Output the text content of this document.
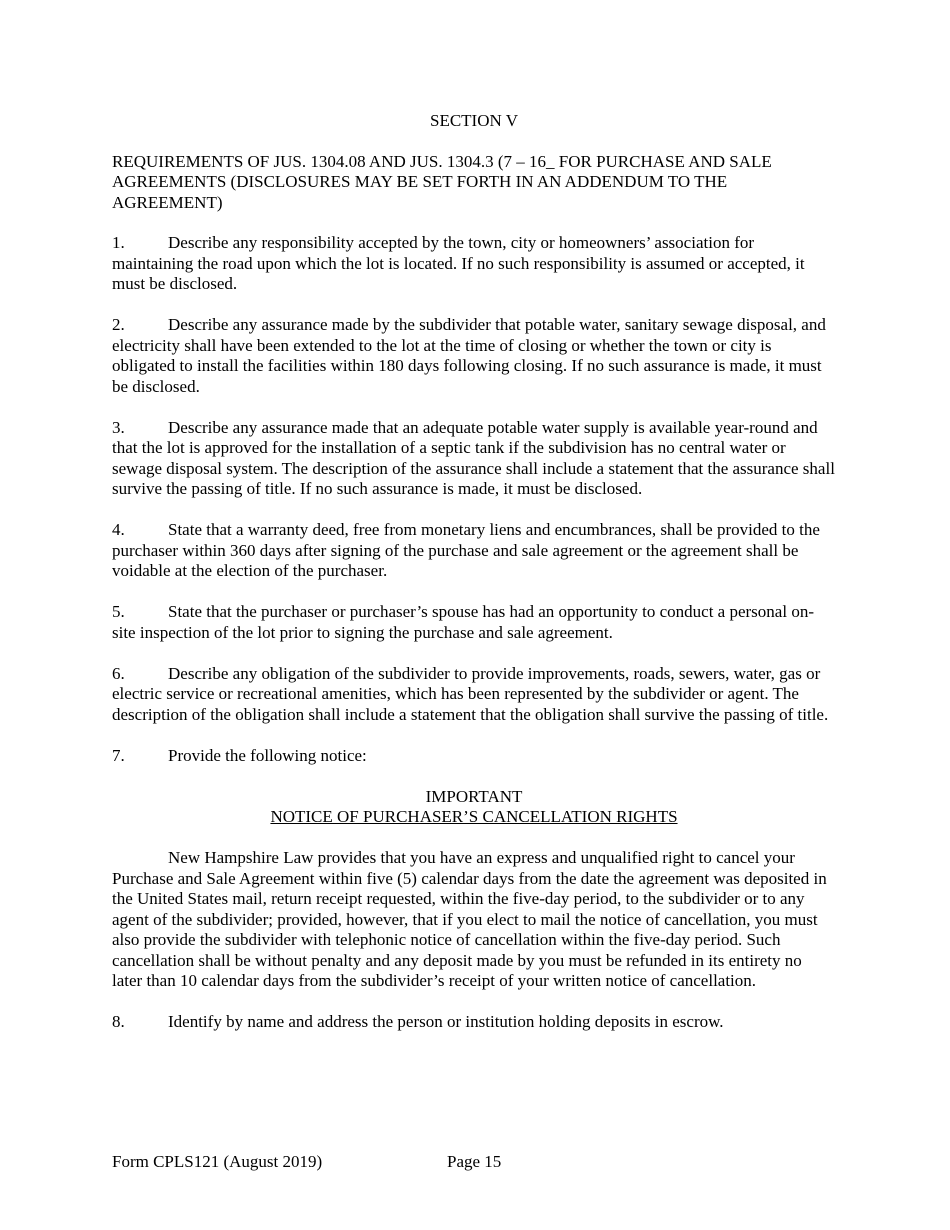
SECTION V

REQUIREMENTS OF JUS. 1304.08 AND JUS. 1304.3 (7 – 16_ FOR PURCHASE AND SALE AGREEMENTS (DISCLOSURES MAY BE SET FORTH IN AN ADDENDUM TO THE AGREEMENT)

1.	Describe any responsibility accepted by the town, city or homeowners’ association for maintaining the road upon which the lot is located. If no such responsibility is assumed or accepted, it must be disclosed.

2.	Describe any assurance made by the subdivider that potable water, sanitary sewage disposal, and electricity shall have been extended to the lot at the time of closing or whether the town or city is obligated to install the facilities within 180 days following closing. If no such assurance is made, it must be disclosed.

3.	Describe any assurance made that an adequate potable water supply is available year-round and that the lot is approved for the installation of a septic tank if the subdivision has no central water or sewage disposal system. The description of the assurance shall include a statement that the assurance shall survive the passing of title. If no such assurance is made, it must be disclosed.

4.	State that a warranty deed, free from monetary liens and encumbrances, shall be provided to the purchaser within 360 days after signing of the purchase and sale agreement or the agreement shall be voidable at the election of the purchaser.

5.	State that the purchaser or purchaser’s spouse has had an opportunity to conduct a personal on-site inspection of the lot prior to signing the purchase and sale agreement.

6.	Describe any obligation of the subdivider to provide improvements, roads, sewers, water, gas or electric service or recreational amenities, which has been represented by the subdivider or agent. The description of the obligation shall include a statement that the obligation shall survive the passing of title.

7.	Provide the following notice:

IMPORTANT

NOTICE OF PURCHASER’S CANCELLATION RIGHTS

New Hampshire Law provides that you have an express and unqualified right to cancel your Purchase and Sale Agreement within five (5) calendar days from the date the agreement was deposited in the United States mail, return receipt requested, within the five-day period, to the subdivider or to any agent of the subdivider; provided, however, that if you elect to mail the notice of cancellation, you must also provide the subdivider with telephonic notice of cancellation within the five-day period. Such cancellation shall be without penalty and any deposit made by you must be refunded in its entirety no later than 10 calendar days from the subdivider’s receipt of your written notice of cancellation.

8.	Identify by name and address the person or institution holding deposits in escrow.

Form CPLS121 (August 2019)	Page 15
